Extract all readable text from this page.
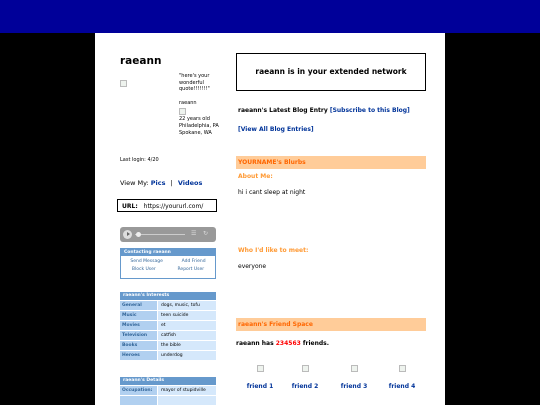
raeann
"here's your wonderful quote!!!!!!!"
raeann
22 years old
Philadelphia, PA
Spokane, WA
Last login: 4/20
View My: Pics | Videos
URL: https://yoururl.com/
☰ ↻
Contacting raeann
Send Message	Add Friend
Block User	Report User
raeann's Interests
General	dogs, music, tofu
Music	teen suicide
Movies	et
Television	catfish
Books	the bible
Heroes	underdog
raeann's Details
Occupation:	mayor of stupidville
raeann is in your extended network
raeann's Latest Blog Entry [Subscribe to this Blog]
[View All Blog Entries]
YOURNAME's Blurbs
About Me:
hi i cant sleep at night
Who I'd like to meet:
everyone
raeann's Friend Space
raeann has 234563 friends.
friend 1	friend 2	friend 3	friend 4
